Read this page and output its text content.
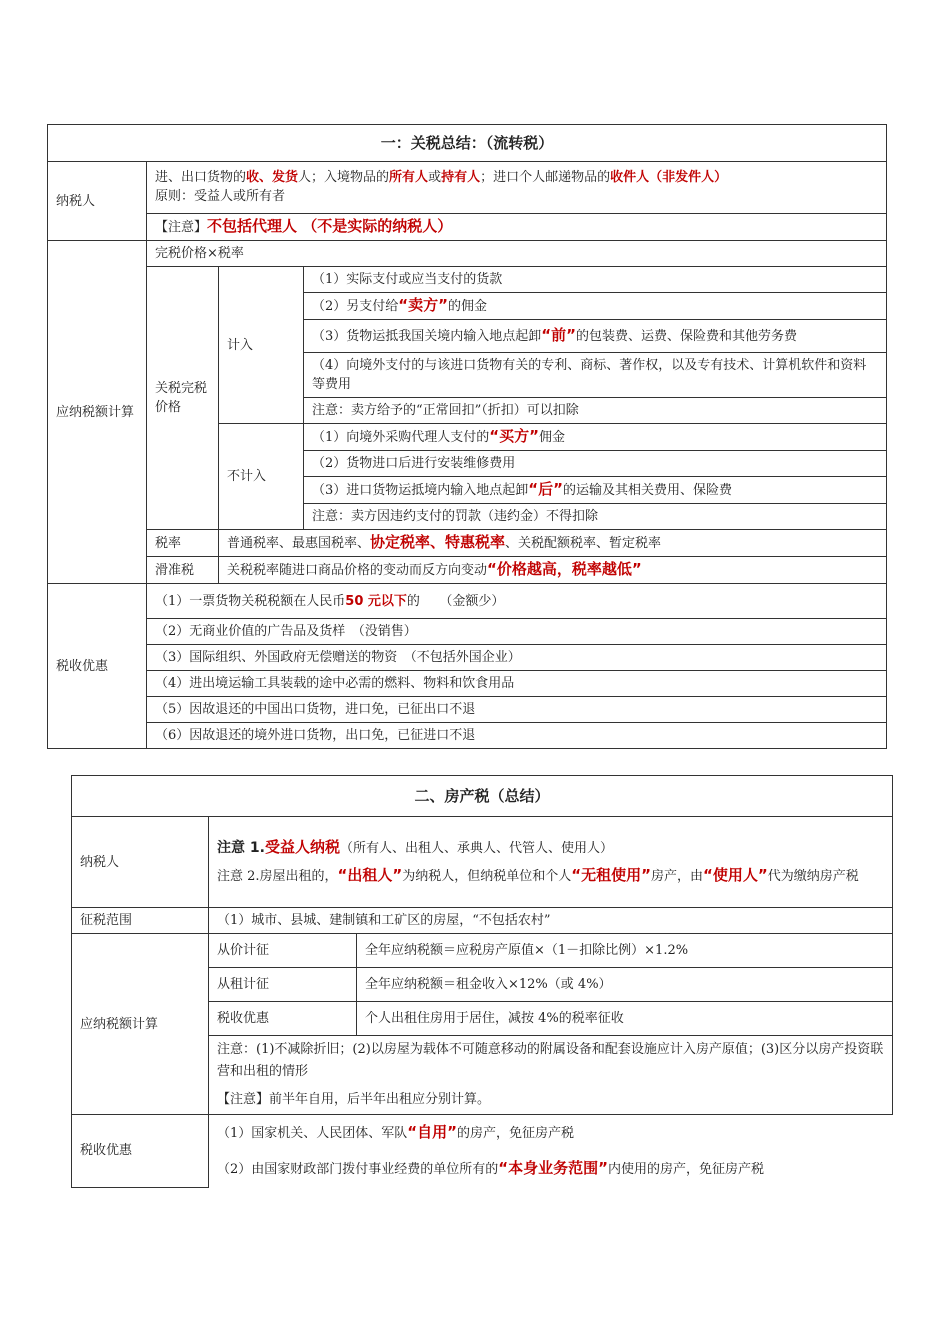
一：关税总结：（流转税）			
纳税人	进、出口货物的收、发货人；入境物品的所有人或持有人；进口个人邮递物品的收件人（非发件人）

原则：受益人或所有者		

	【注意】不包括代理人 （不是实际的纳税人）		
应纳税额计算	完税价格×税率		
	关税完税价格	计入	（1）实际支付或应当支付的货款
			（2）另支付给“卖方”的佣金
			（3）货物运抵我国关境内输入地点起卸“前”的包装费、运费、保险费和其他劳务费
			（4）向境外支付的与该进口货物有关的专利、商标、著作权，以及专有技术、计算机软件和资料等费用
			注意：卖方给予的“正常回扣”（折扣）可以扣除
		不计入	（1）向境外采购代理人支付的“买方”佣金
			（2）货物进口后进行安装维修费用
			（3）进口货物运抵境内输入地点起卸“后”的运输及其相关费用、保险费
			注意：卖方因违约支付的罚款（违约金）不得扣除
	税率	普通税率、最惠国税率、协定税率、特惠税率、关税配额税率、暂定税率	
	滑准税	关税税率随进口商品价格的变动而反方向变动“价格越高，税率越低”	
税收优惠	（1）一票货物关税税额在人民币50 元以下的　　（金额少）		
	（2）无商业价值的广告品及货样　（没销售）		
	（3）国际组织、外国政府无偿赠送的物资　（不包括外国企业）		
	（4）进出境运输工具装载的途中必需的燃料、物料和饮食用品		
	（5）因故退还的中国出口货物，进口免，已征出口不退		
	（6）因故退还的境外进口货物，出口免，已征进口不退		
二、房产税（总结）		
纳税人	注意 1.受益人纳税（所有人、出租人、承典人、代管人、使用人）

注意 2.房屋出租的，“出租人”为纳税人，但纳税单位和个人“无租使用”房产，由“使用人”代为缴纳房产税	

征税范围	（1）城市、县城、建制镇和工矿区的房屋，“不包括农村”	
应纳税额计算	从价计征	全年应纳税额＝应税房产原值×（1－扣除比例）×1.2%
	从租计征	全年应纳税额＝租金收入×12%（或 4%）
	税收优惠	个人出租住房用于居住，减按 4%的税率征收

	注意：(1)不减除折旧；(2)以房屋为载体不可随意移动的附属设备和配套设施应计入房产原值；(3)区分以房产投资联营和出租的情形

【注意】前半年自用，后半年出租应分别计算。	

税收优惠	（1）国家机关、人民团体、军队“自用”的房产，免征房产税

（2）由国家财政部门拨付事业经费的单位所有的“本身业务范围”内使用的房产，免征房产税	
